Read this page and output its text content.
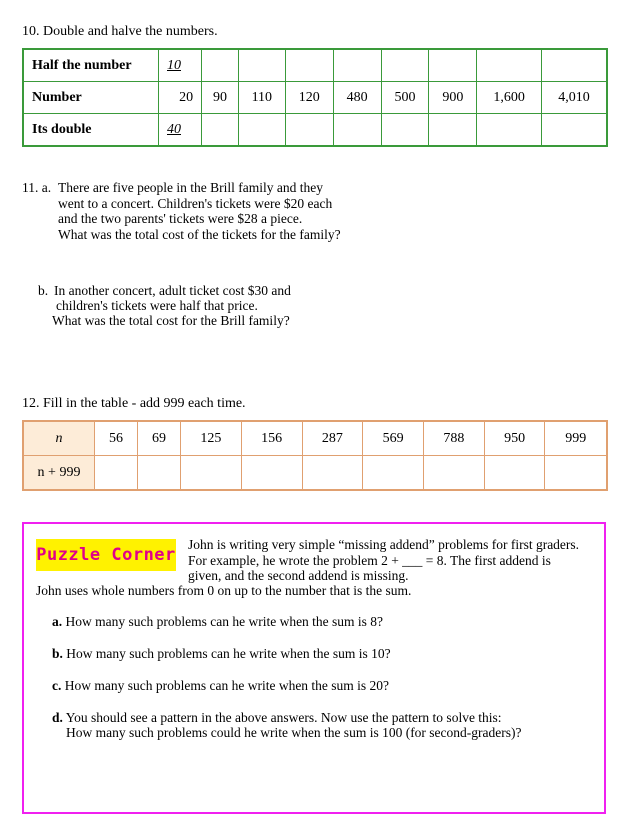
10. Double and halve the numbers.
Half the number	10								
Number	20	90	110	120	480	500	900	1,600	4,010
Its double	40								
11. a. There are five people in the Brill family and they
went to a concert. Children's tickets were $20 each
and the two parents' tickets were $28 a piece.
What was the total cost of the tickets for the family?
b. In another concert, adult ticket cost $30 and
children's tickets were half that price.
What was the total cost for the Brill family?
12. Fill in the table - add 999 each time.
n	56	69	125	156	287	569	788	950	999
n + 999									
Puzzle Corner
John is writing very simple “missing addend” problems for first graders.
For example, he wrote the problem 2 + ___ = 8. The first addend is
given, and the second addend is missing.
John uses whole numbers from 0 on up to the number that is the sum.
a. How many such problems can he write when the sum is 8?
b. How many such problems can he write when the sum is 10?
c. How many such problems can he write when the sum is 20?
d. You should see a pattern in the above answers. Now use the pattern to solve this:
How many such problems could he write when the sum is 100 (for second-graders)?
